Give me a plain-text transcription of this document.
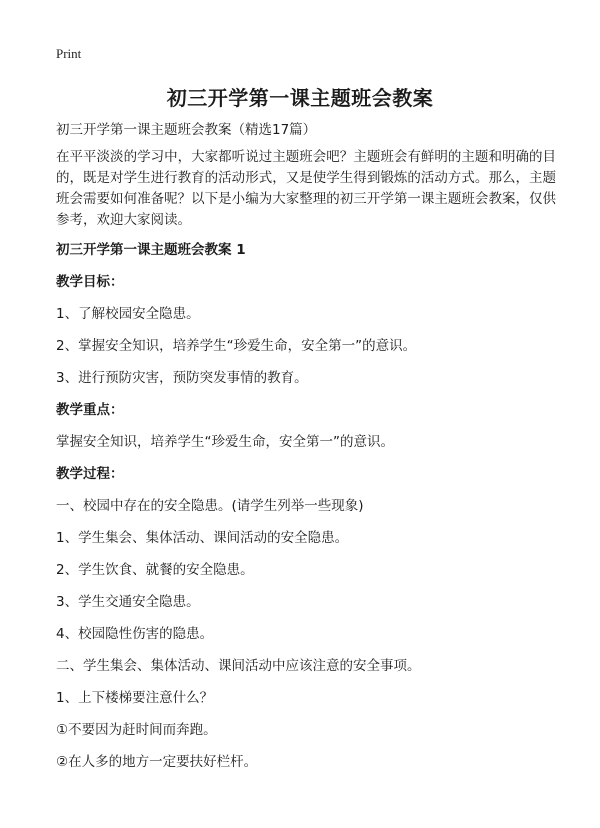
Print
初三开学第一课主题班会教案

初三开学第一课主题班会教案（精选17篇）

在平平淡淡的学习中，大家都听说过主题班会吧？主题班会有鲜明的主题和明确的目的，既是对学生进行教育的活动形式，又是使学生得到锻炼的活动方式。那么，主题班会需要如何准备呢？以下是小编为大家整理的初三开学第一课主题班会教案，仅供参考，欢迎大家阅读。

初三开学第一课主题班会教案 1

教学目标：

1、了解校园安全隐患。

2、掌握安全知识，培养学生“珍爱生命，安全第一”的意识。

3、进行预防灾害，预防突发事情的教育。

教学重点：

掌握安全知识，培养学生“珍爱生命，安全第一”的意识。

教学过程：

一、校园中存在的安全隐患。(请学生列举一些现象)

1、学生集会、集体活动、课间活动的安全隐患。

2、学生饮食、就餐的安全隐患。

3、学生交通安全隐患。

4、校园隐性伤害的隐患。

二、学生集会、集体活动、课间活动中应该注意的安全事项。

1、上下楼梯要注意什么？

①不要因为赶时间而奔跑。

②在人多的地方一定要扶好栏杆。
